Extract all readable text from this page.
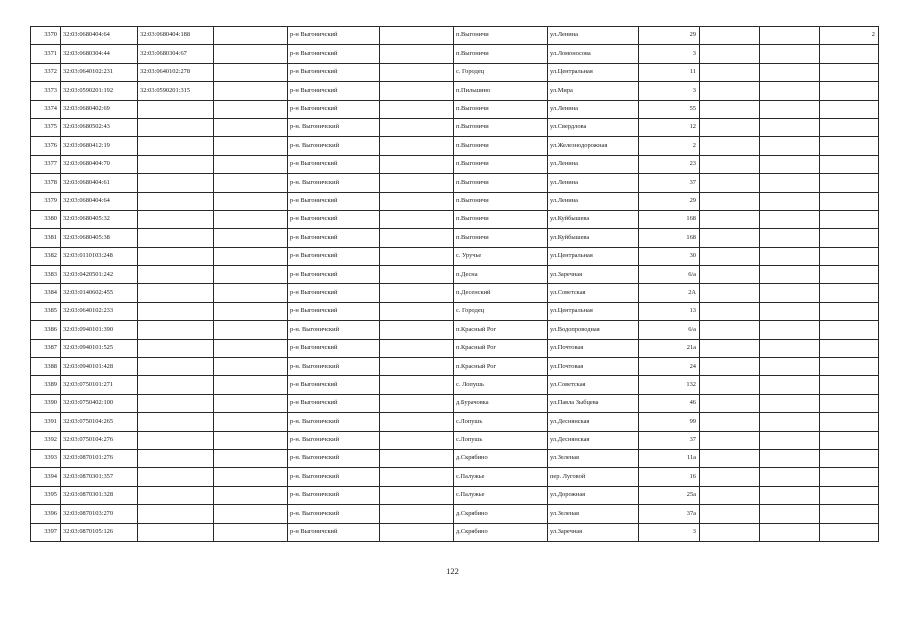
3370	32:03:0680404:64	32:03:0680404:188		р-н Выгоничский		п.Выгоничи	ул.Ленина	29			2
3371	32:03:0680304:44	32:03:0680304:67		р-н Выгоничский		п.Выгоничи	ул.Ломоносова	3			
3372	32:03:0640102:231	32:03:0640102:278		р-н Выгоничский		с. Городец	ул.Центральная	11			
3373	32:03:0590201:192	32:03:0590201:315		р-н Выгоничский		п.Пильшино	ул.Мира	3			
3374	32:03:0680402:69			р-н Выгоничский		п.Выгоничи	ул.Ленина	55			
3375	32:03:0680502:43			р-н. Выгоничский		п.Выгоничи	ул.Свердлова	12			
3376	32:03:0680412:19			р-н. Выгоничский		п.Выгоничи	ул.Железнодорожная	2			
3377	32:03:0680404:70			р-н Выгоничский		п.Выгоничи	ул.Ленина	23			
3378	32:03:0680404:61			р-н. Выгоничский		п.Выгоничи	ул.Ленина	37			
3379	32:03:0680404:64			р-н Выгоничский		п.Выгоничи	ул.Ленина	29			
3380	32:03:0680405:32			р-н Выгоничский		п.Выгоничи	ул.Куйбышева	168			
3381	32:03:0680405:38			р-н Выгоничский		п.Выгоничи	ул.Куйбышева	168			
3382	32:03:0110103:248			р-н Выгоничский		с. Уручье	ул.Центральная	30			
3383	32:03:0420501:242			р-н Выгоничский		п.Десна	ул.Заречная	6/а			
3384	32:03:0140602:455			р-н Выгоничский		п.Десенский	ул.Советская	2А			
3385	32:03:0640102:233			р-н Выгоничский		с. Городец	ул.Центральная	13			
3386	32:03:0940101:390			р-н. Выгоничский		п.Красный Рог	ул.Водопроводная	6/а			
3387	32:03:0940101:525			р-н Выгоничский		п.Красный Рог	ул.Почтовая	21а			
3388	32:03:0940101:428			р-н. Выгоничский		п.Красный Рог	ул.Почтовая	24			
3389	32:03:0750101:271			р-н Выгоничский		с. Лопушь	ул.Советская	132			
3390	32:03:0750402:100			р-н Выгоничский		д.Бурачовка	ул.Павла Зыбцева	46			
3391	32:03:0750104:265			р-н. Выгоничский		с.Лопушь	ул.Деснянская	99			
3392	32:03:0750104:276			р-н. Выгоничский		с.Лопушь	ул.Деснянская	37			
3393	32:03:0870101:276			р-н. Выгоничский		д.Скрябино	ул.Зеленая	11а			
3394	32:03:0870301:357			р-н. Выгоничский		с.Палужье	пер. Луговой	16			
3395	32:03:0870301:328			р-н. Выгоничский		с.Палужье	ул.Дорожная	25а			
3396	32:03:0870103:270			р-н. Выгоничский		д.Скрябино	ул.Зеленая	37а			
3397	32:03:0870105:126			р-н Выгоничский		д.Скрябино	ул.Заречная	3			
122
